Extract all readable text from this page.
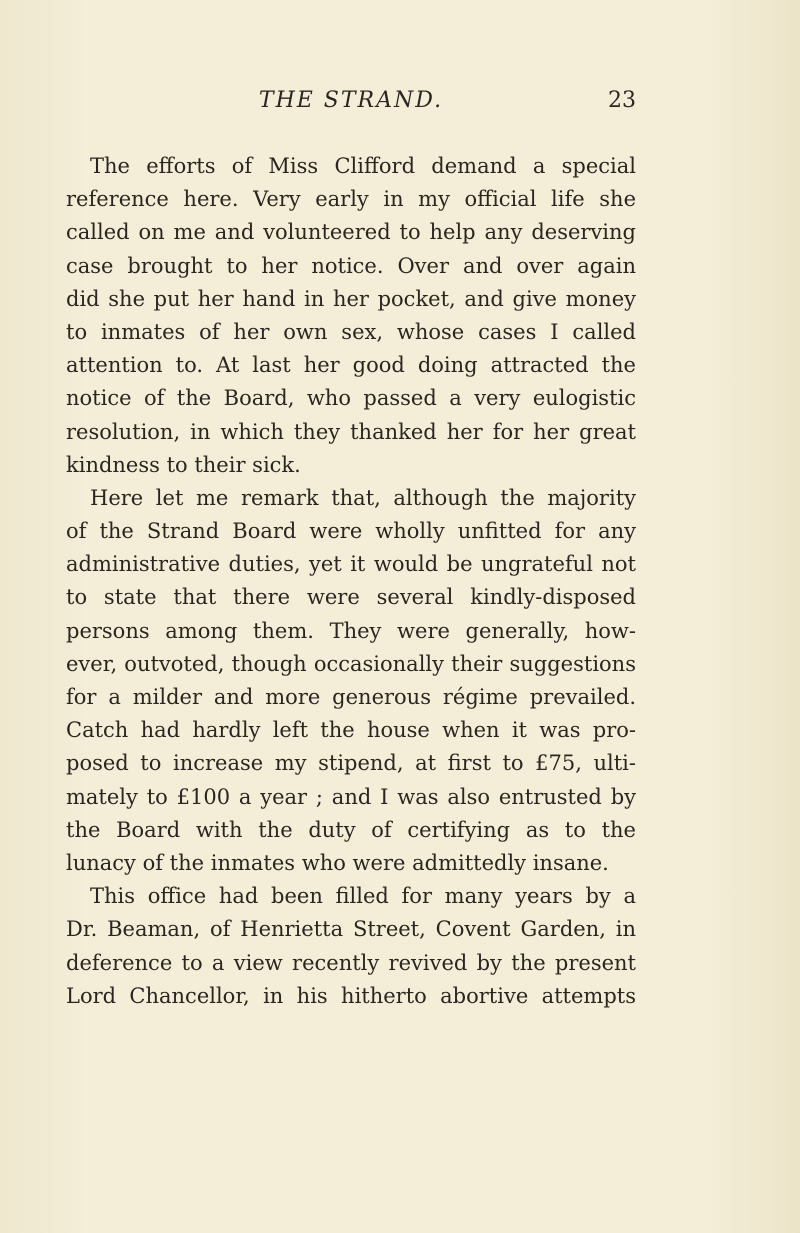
THE STRAND.	23
The efforts of Miss Clifford demand a special
reference here. Very early in my official life she
called on me and volunteered to help any deserving
case brought to her notice. Over and over again
did she put her hand in her pocket, and give money
to inmates of her own sex, whose cases I called
attention to. At last her good doing attracted the
notice of the Board, who passed a very eulogistic
resolution, in which they thanked her for her great
kindness to their sick.
Here let me remark that, although the majority
of the Strand Board were wholly unfitted for any
administrative duties, yet it would be ungrateful not
to state that there were several kindly-disposed
persons among them. They were generally, how-
ever, outvoted, though occasionally their suggestions
for a milder and more generous régime prevailed.
Catch had hardly left the house when it was pro-
posed to increase my stipend, at first to £75, ulti-
mately to £100 a year ; and I was also entrusted by
the Board with the duty of certifying as to the
lunacy of the inmates who were admittedly insane.
This office had been filled for many years by a
Dr. Beaman, of Henrietta Street, Covent Garden, in
deference to a view recently revived by the present
Lord Chancellor, in his hitherto abortive attempts
